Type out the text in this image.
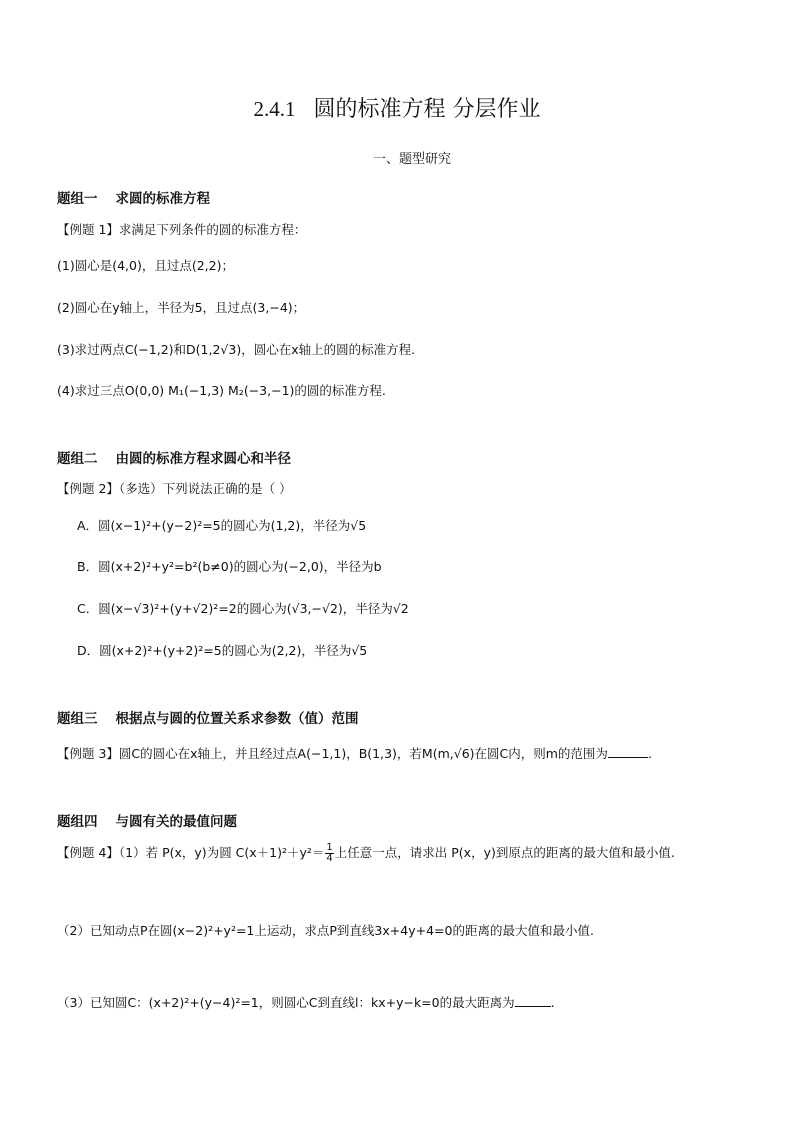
2.4.1 圆的标准方程 分层作业
一、题型研究
题组一 求圆的标准方程
【例题 1】求满足下列条件的圆的标准方程：
(1)圆心是(4,0)，且过点(2,2)；
(2)圆心在y轴上，半径为5，且过点(3,−4)；
(3)求过两点C(−1,2)和D(1,2√3)，圆心在x轴上的圆的标准方程.
(4)求过三点O(0,0) M₁(−1,3) M₂(−3,−1)的圆的标准方程.
题组二 由圆的标准方程求圆心和半径
【例题 2】（多选）下列说法正确的是（ ）
A．圆(x−1)²+(y−2)²=5的圆心为(1,2)，半径为√5
B．圆(x+2)²+y²=b²(b≠0)的圆心为(−2,0)，半径为b
C．圆(x−√3)²+(y+√2)²=2的圆心为(√3,−√2)，半径为√2
D．圆(x+2)²+(y+2)²=5的圆心为(2,2)，半径为√5
题组三 根据点与圆的位置关系求参数（值）范围
【例题 3】圆C的圆心在x轴上，并且经过点A(−1,1)，B(1,3)，若M(m,√6)在圆C内，则m的范围为	.
题组四 与圆有关的最值问题
【例题 4】（1）若 P(x，y)为圆 $C(x+1)^2+y^2= \frac{1}{4}$ 上任意一点，请求出 P(x，y)到原点的距离的最大值和最小值.
（2）已知动点P在圆(x−2)²+y²=1上运动，求点P到直线3x+4y+4=0的距离的最大值和最小值.
（3）已知圆C：(x+2)²+(y−4)²=1，则圆心C到直线l：kx+y−k=0的最大距离为	.
